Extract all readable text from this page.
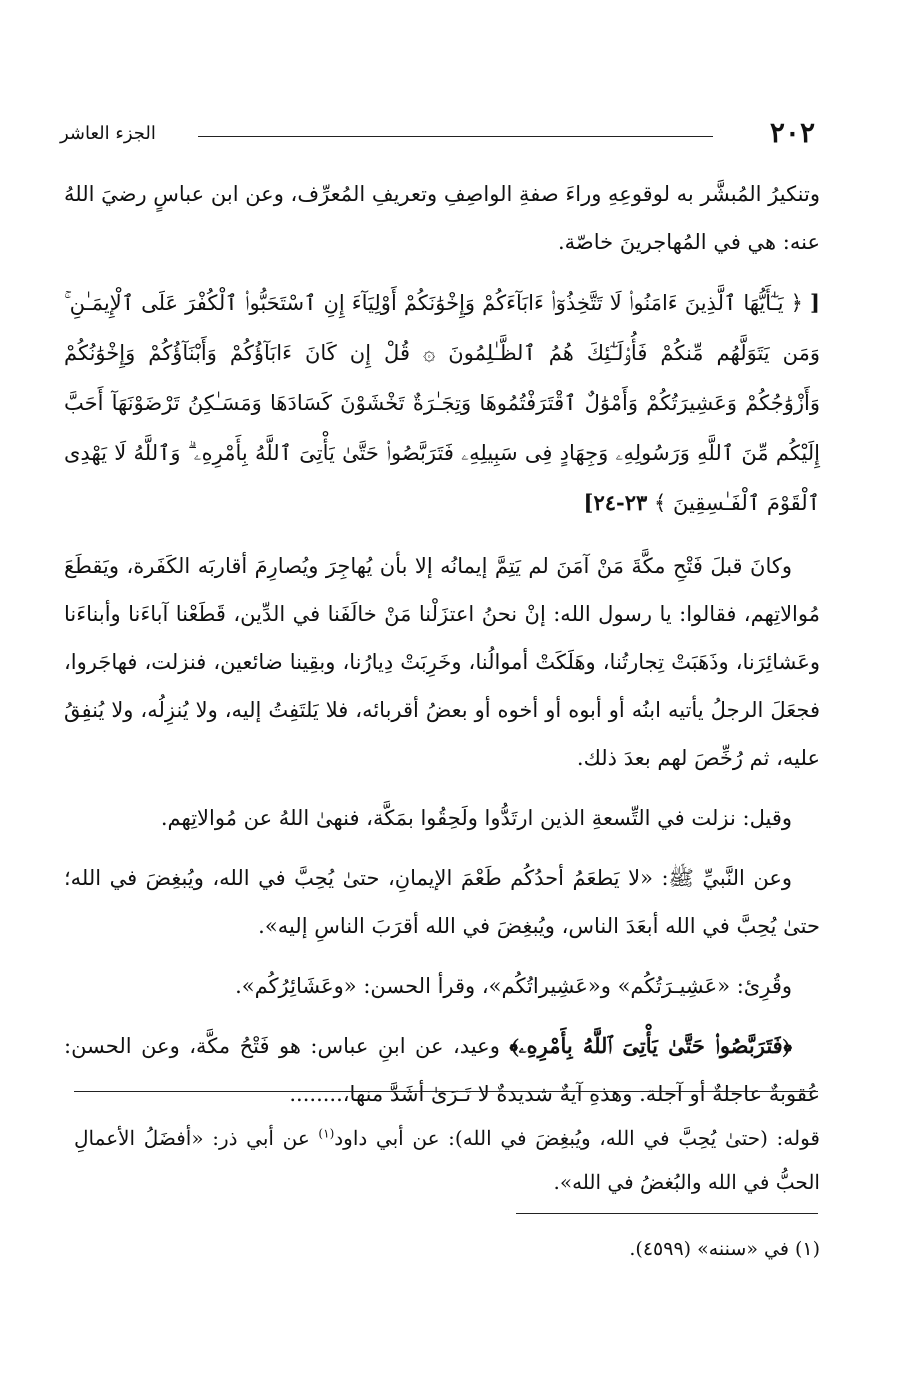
٢٠٢
الجزء العاشر

وتنكيرُ المُبشَّر به لوقوعِهِ وراءَ صفةِ الواصِفِ وتعريفِ المُعرِّف، وعن ابن عباسٍ رضيَ اللهُ عنه: هي في المُهاجرينَ خاصّة.

[ ﴿ يَـٰٓأَيُّهَا ٱلَّذِينَ ءَامَنُوا۟ لَا تَتَّخِذُوٓا۟ ءَابَآءَكُمْ وَإِخْوَٰنَكُمْ أَوْلِيَآءَ إِنِ ٱسْتَحَبُّوا۟ ٱلْكُفْرَ عَلَى ٱلْإِيمَـٰنِ ۚ وَمَن يَتَوَلَّهُم مِّنكُمْ فَأُو۟لَـٰٓئِكَ هُمُ ٱلظَّـٰلِمُونَ ۞ قُلْ إِن كَانَ ءَابَآؤُكُمْ وَأَبْنَآؤُكُمْ وَإِخْوَٰنُكُمْ وَأَزْوَٰجُكُمْ وَعَشِيرَتُكُمْ وَأَمْوَٰلٌ ٱقْتَرَفْتُمُوهَا وَتِجَـٰرَةٌ تَخْشَوْنَ كَسَادَهَا وَمَسَـٰكِنُ تَرْضَوْنَهَآ أَحَبَّ إِلَيْكُم مِّنَ ٱللَّهِ وَرَسُولِهِۦ وَجِهَادٍ فِى سَبِيلِهِۦ فَتَرَبَّصُوا۟ حَتَّىٰ يَأْتِىَ ٱللَّهُ بِأَمْرِهِۦ ۗ وَٱللَّهُ لَا يَهْدِى ٱلْقَوْمَ ٱلْفَـٰسِقِينَ ﴾ ٢٣-٢٤]

وكانَ قبلَ فَتْحِ مكَّةَ مَنْ آمَنَ لم يَتِمَّ إيمانُه إلا بأن يُهاجِرَ ويُصارِمَ أقاربَه الكَفَرة، ويَقطَعَ مُوالاتِهم، فقالوا: يا رسول الله: إنْ نحنُ اعتزَلْنا مَنْ خالَفَنا في الدِّين، قَطَعْنا آباءَنا وأبناءَنا وعَشائِرَنا، وذَهَبَتْ تِجارتُنا، وهَلَكَتْ أموالُنا، وخَرِبَتْ دِيارُنا، وبقِينا ضائعين، فنزلت، فهاجَروا، فجعَلَ الرجلُ يأتيه ابنُه أو أبوه أو أخوه أو بعضُ أقربائه، فلا يَلتَفِتُ إليه، ولا يُنزِلُه، ولا يُنفِقُ عليه، ثم رُخِّصَ لهم بعدَ ذلك.

وقيل: نزلت في التِّسعةِ الذين ارتَدُّوا ولَحِقُوا بمَكَّة، فنهىٰ اللهُ عن مُوالاتِهم.

وعن النَّبيِّ ﷺ: «لا يَطعَمُ أحدُكُم طَعْمَ الإيمانِ، حتىٰ يُحِبَّ في الله، ويُبغِضَ في الله؛ حتىٰ يُحِبَّ في الله أبعَدَ الناس، ويُبغِضَ في الله أقرَبَ الناسِ إليه».

وقُرِئ: «عَشِيـرَتُكُم» و«عَشِيراتُكُم»، وقرأ الحسن: «وعَشَائِرُكُم».

﴿فَتَرَبَّصُوا۟ حَتَّىٰ يَأْتِىَ ٱللَّهُ بِأَمْرِهِۦ﴾ وعيد، عن ابنِ عباس: هو فَتْحُ مكَّة، وعن الحسن: عُقوبةٌ عاجلةٌ أو آجلة. وهذهِ آيةٌ شديدةٌ لا تَـرَىٰ أشَدَّ منها،........

قوله: (حتىٰ يُحِبَّ في الله، ويُبغِضَ في الله): عن أبي داود$^{(١)}$ عن أبي ذر: «أفضَلُ الأعمالِ الحبُّ في الله والبُغضُ في الله».
(١) في «سننه» (٤٥٩٩).
